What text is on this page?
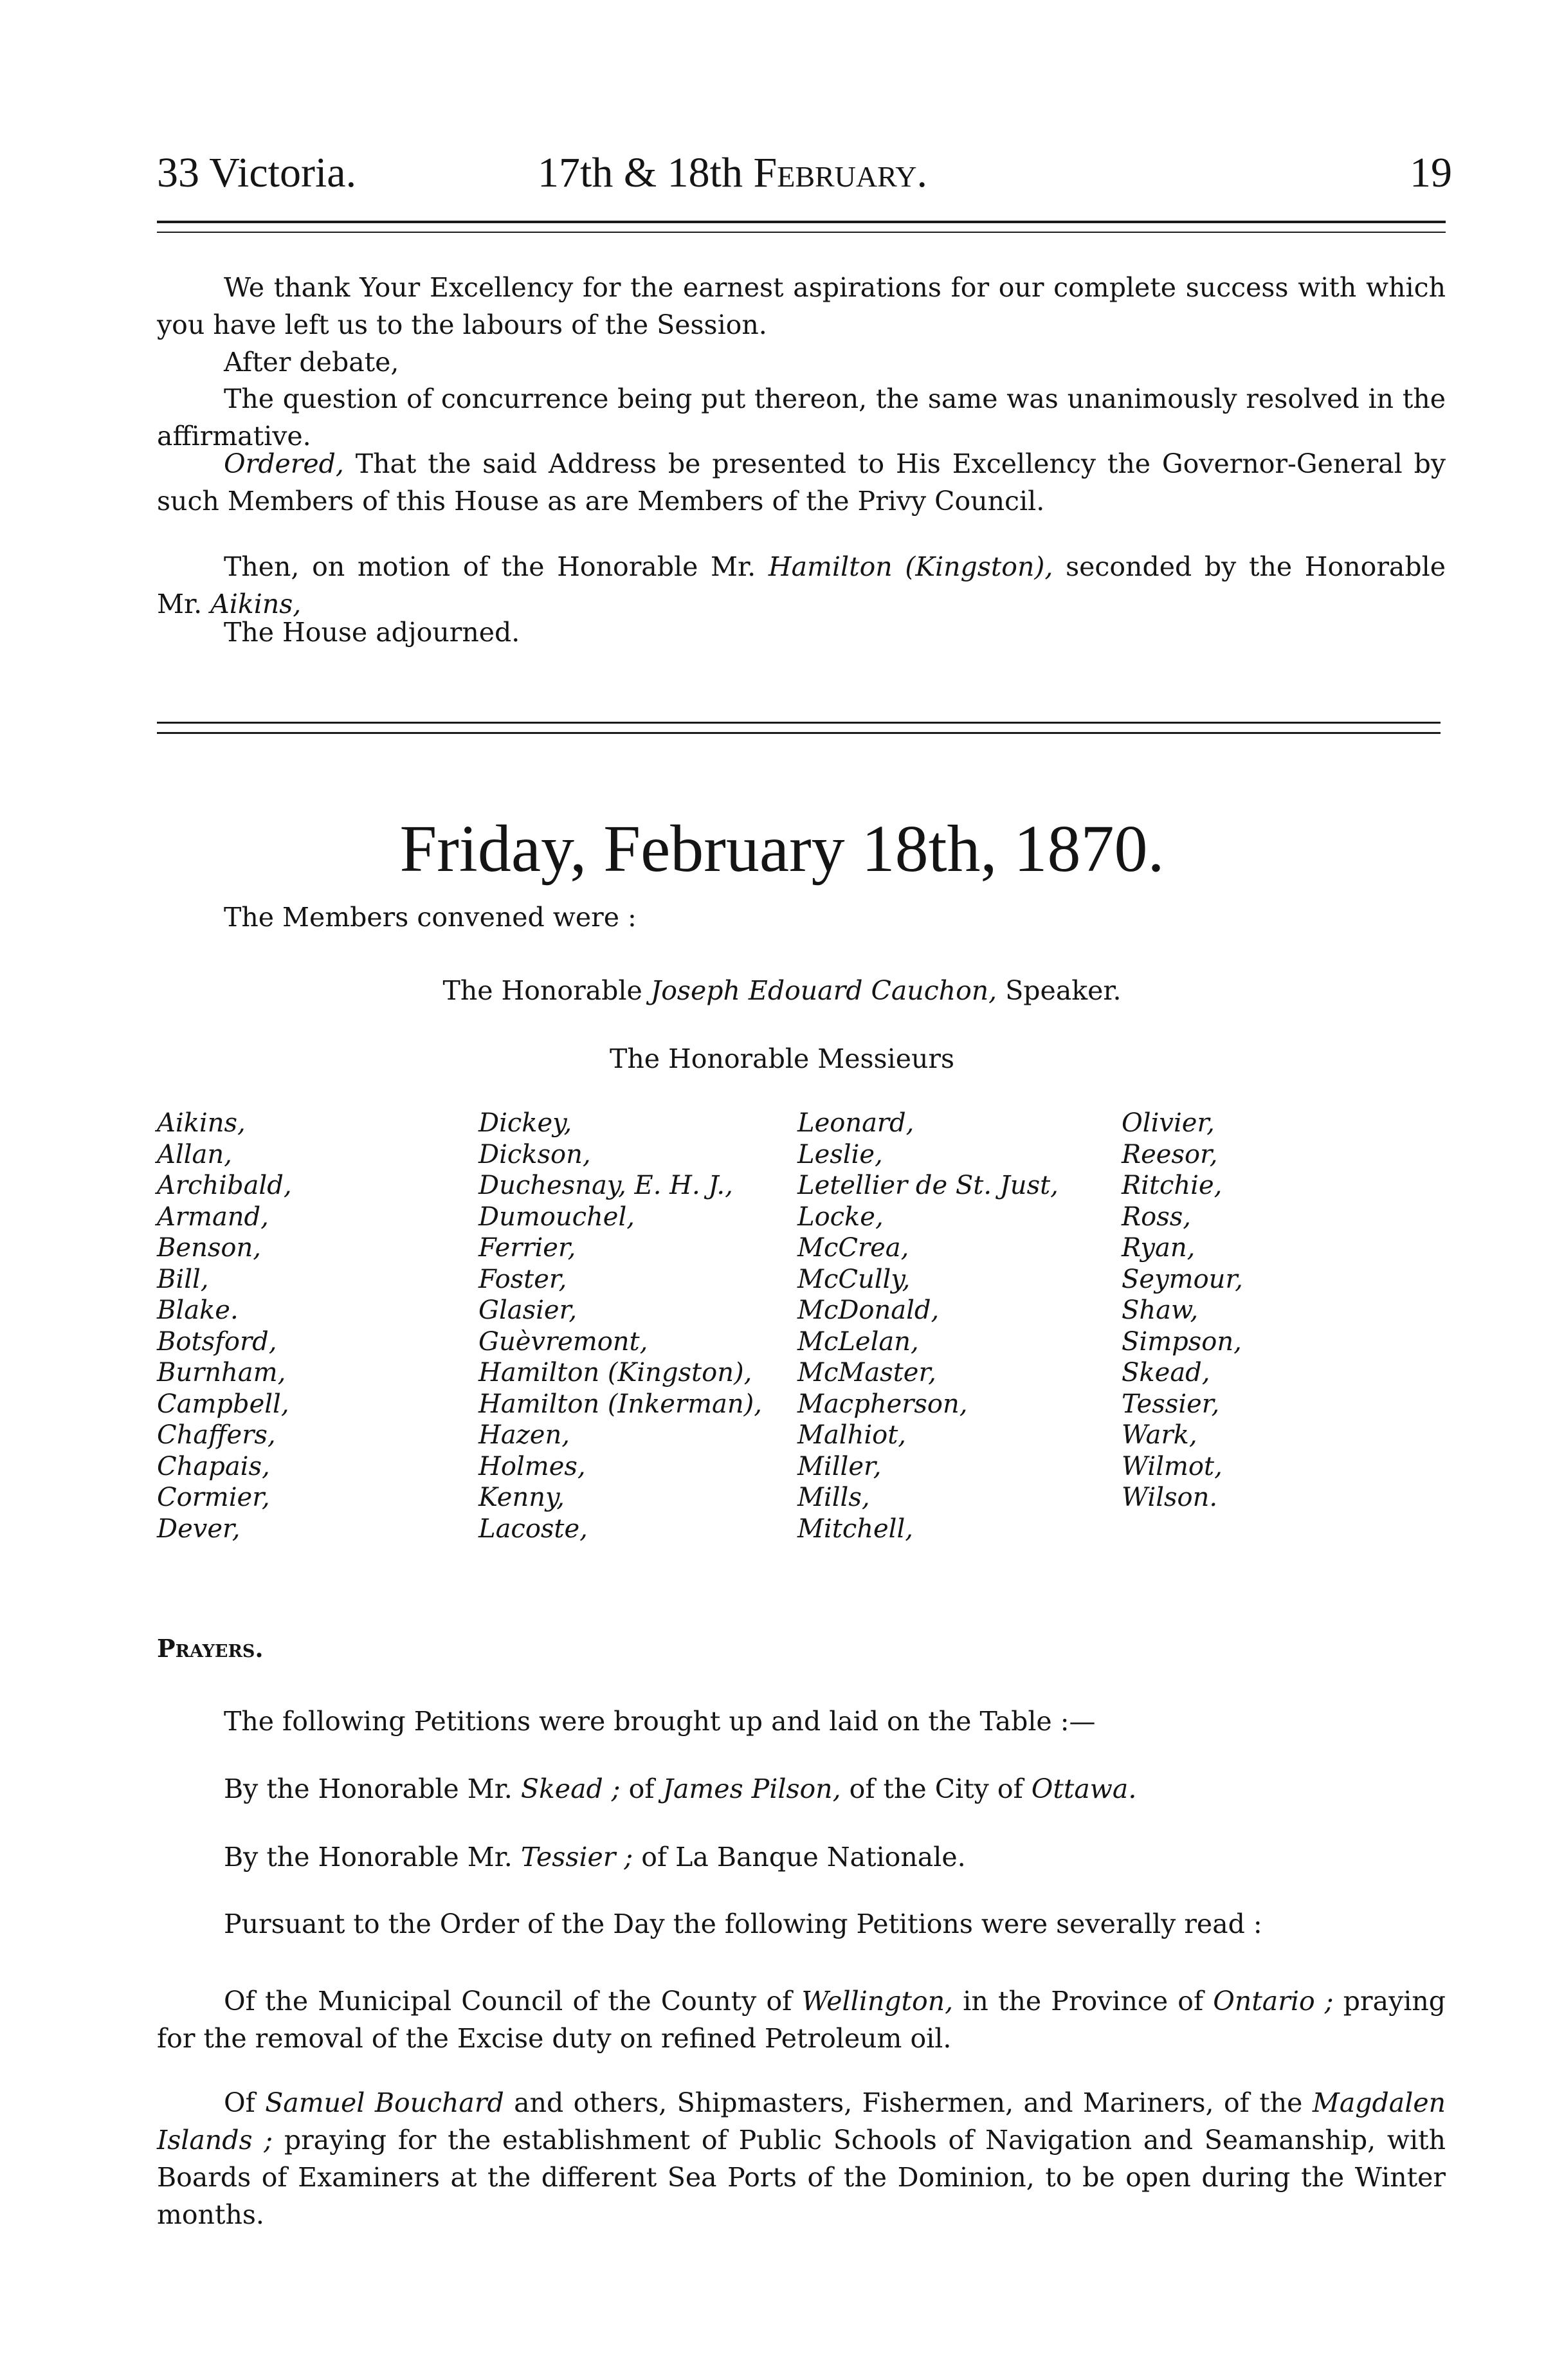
33 Victoria.	17th & 18th February.	19
We thank Your Excellency for the earnest aspirations for our complete success with which you have left us to the labours of the Session.
After debate,
The question of concurrence being put thereon, the same was unanimously resolved in the affirmative.
Ordered, That the said Address be presented to His Excellency the Governor-General by such Members of this House as are Members of the Privy Council.
Then, on motion of the Honorable Mr. Hamilton (Kingston), seconded by the Honorable Mr. Aikins,
The House adjourned.
Friday, February 18th, 1870.
The Members convened were :
The Honorable Joseph Edouard Cauchon, Speaker.
The Honorable Messieurs
Aikins,
Allan,
Archibald,
Armand,
Benson,
Bill,
Blake.
Botsford,
Burnham,
Campbell,
Chaffers,
Chapais,
Cormier,
Dever,
Dickey,
Dickson,
Duchesnay, E. H. J.,
Dumouchel,
Ferrier,
Foster,
Glasier,
Guèvremont,
Hamilton (Kingston),
Hamilton (Inkerman),
Hazen,
Holmes,
Kenny,
Lacoste,
Leonard,
Leslie,
Letellier de St. Just,
Locke,
McCrea,
McCully,
McDonald,
McLelan,
McMaster,
Macpherson,
Malhiot,
Miller,
Mills,
Mitchell,
Olivier,
Reesor,
Ritchie,
Ross,
Ryan,
Seymour,
Shaw,
Simpson,
Skead,
Tessier,
Wark,
Wilmot,
Wilson.
Prayers.
The following Petitions were brought up and laid on the Table :—
By the Honorable Mr. Skead ; of James Pilson, of the City of Ottawa.
By the Honorable Mr. Tessier ; of La Banque Nationale.
Pursuant to the Order of the Day the following Petitions were severally read :
Of the Municipal Council of the County of Wellington, in the Province of Ontario ; praying for the removal of the Excise duty on refined Petroleum oil.
Of Samuel Bouchard and others, Shipmasters, Fishermen, and Mariners, of the Magdalen Islands ; praying for the establishment of Public Schools of Navigation and Seamanship, with Boards of Examiners at the different Sea Ports of the Dominion, to be open during the Winter months.
